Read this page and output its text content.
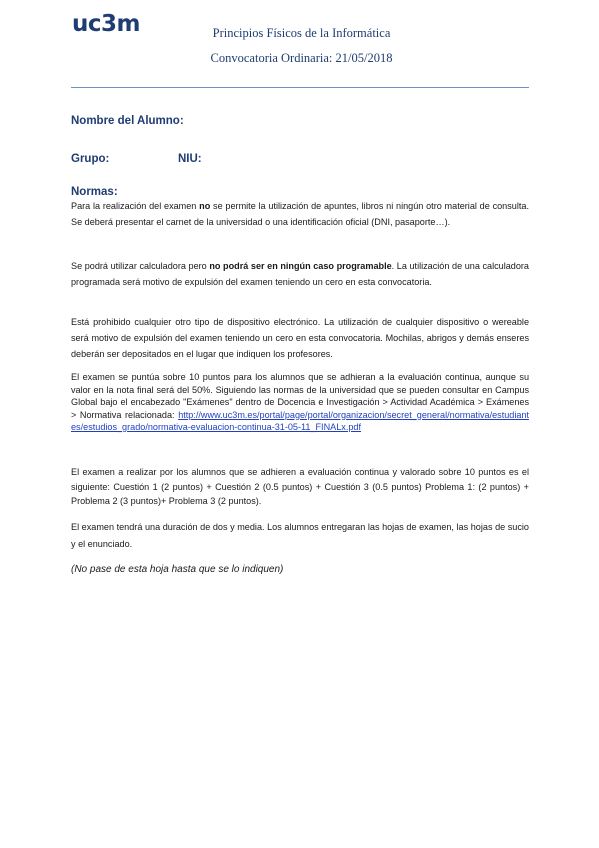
uc3m	Principios Físicos de la Informática
Convocatoria Ordinaria: 21/05/2018
Nombre del Alumno:
Grupo:	NIU:
Normas:
Para la realización del examen no se permite la utilización de apuntes, libros ni ningún otro material de consulta. Se deberá presentar el carnet de la universidad o una identificación oficial (DNI, pasaporte…).
Se podrá utilizar calculadora pero no podrá ser en ningún caso programable. La utilización de una calculadora programada será motivo de expulsión del examen teniendo un cero en esta convocatoria.
Está prohibido cualquier otro tipo de dispositivo electrónico. La utilización de cualquier dispositivo o wereable será motivo de expulsión del examen teniendo un cero en esta convocatoria. Mochilas, abrigos y demás enseres deberán ser depositados en el lugar que indiquen los profesores.
El examen se puntúa sobre 10 puntos para los alumnos que se adhieran a la evaluación continua, aunque su valor en la nota final será del 50%. Siguiendo las normas de la universidad que se pueden consultar en Campus Global bajo el encabezado "Exámenes" dentro de Docencia e Investigación > Actividad Académica > Exámenes > Normativa relacionada: http://www.uc3m.es/portal/page/portal/organizacion/secret_general/normativa/estudiantes/estudios_grado/normativa-evaluacion-continua-31-05-11_FINALx.pdf
El examen a realizar por los alumnos que se adhieren a evaluación continua y valorado sobre 10 puntos es el siguiente: Cuestión 1 (2 puntos) + Cuestión 2 (0.5 puntos) + Cuestión 3 (0.5 puntos) Problema 1: (2 puntos) + Problema 2 (3 puntos)+ Problema 3 (2 puntos).
El examen tendrá una duración de dos y media. Los alumnos entregaran las hojas de examen, las hojas de sucio y el enunciado.
(No pase de esta hoja hasta que se lo indiquen)
